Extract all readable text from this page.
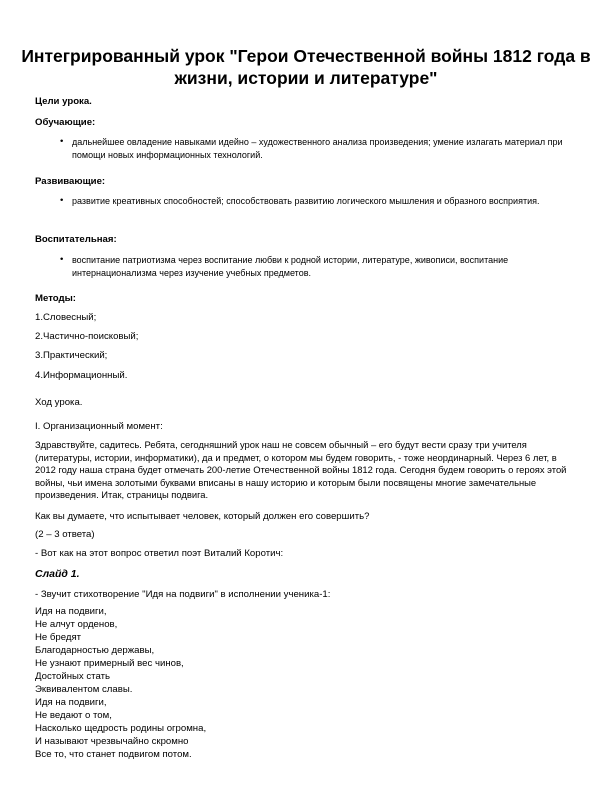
Интегрированный урок "Герои Отечественной войны 1812 года в жизни, истории и литературе"

Цели урока.

Обучающие:

• дальнейшее овладение навыками идейно – художественного анализа произведения; умение излагать материал при помощи новых информационных технологий.

Развивающие:

• развитие креативных способностей; способствовать развитию логического мышления и образного восприятия.

Воспитательная:

• воспитание патриотизма через воспитание любви к родной истории, литературе, живописи, воспитание интернационализма через изучение учебных предметов.

Методы:

1.Словесный;

2.Частично-поисковый;

3.Практический;

4.Информационный.

Ход урока.

I. Организационный момент:

Здравствуйте, садитесь. Ребята, сегодняшний урок наш не совсем обычный – его будут вести сразу три учителя (литературы, истории, информатики), да и предмет, о котором мы будем говорить, - тоже неординарный. Через 6 лет, в 2012 году наша страна будет отмечать 200-летие Отечественной войны 1812 года. Сегодня будем говорить о героях этой войны, чьи имена золотыми буквами вписаны в нашу историю и которым были посвящены многие замечательные произведения. Итак, страницы подвига.

Как вы думаете, что испытывает человек, который должен его совершить?

(2 – 3 ответа)

- Вот как на этот вопрос ответил поэт Виталий Коротич:

Слайд 1.

- Звучит стихотворение "Идя на подвиги" в исполнении ученика-1:

Идя на подвиги,

Не алчут орденов,

Не бредят

Благодарностью державы,

Не узнают примерный вес чинов,

Достойных стать

Эквивалентом славы.

Идя на подвиги,

Не ведают о том,

Насколько щедрость родины огромна,

И называют чрезвычайно скромно

Все то, что станет подвигом потом.
